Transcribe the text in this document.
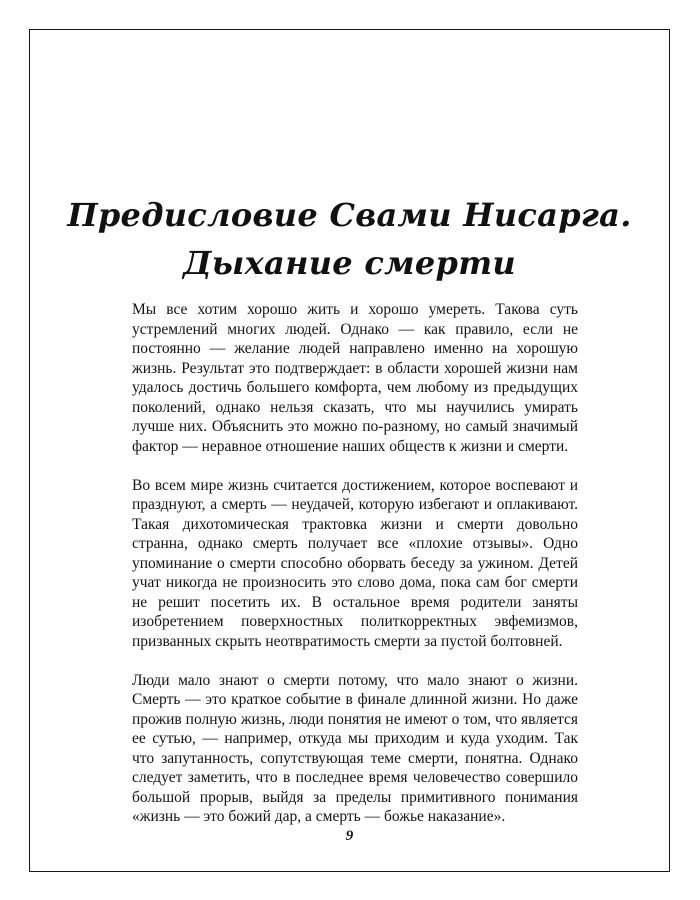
Предисловие Свами Нисарга.
Дыхание смерти

Мы все хотим хорошо жить и хорошо умереть. Такова суть устремлений многих людей. Однако — как правило, если не постоянно — желание людей направлено именно на хорошую жизнь. Результат это подтверждает: в области хорошей жизни нам удалось достичь большего комфорта, чем любому из предыдущих поколений, однако нельзя сказать, что мы научились умирать лучше них. Объяснить это можно по-разному, но самый значимый фактор — неравное отношение наших обществ к жизни и смерти.

Во всем мире жизнь считается достижением, которое воспевают и празднуют, а смерть — неудачей, которую избегают и оплакивают. Такая дихотомическая трактовка жизни и смерти довольно странна, однако смерть получает все «плохие отзывы». Одно упоминание о смерти способно оборвать беседу за ужином. Детей учат никогда не произносить это слово дома, пока сам бог смерти не решит посетить их. В остальное время родители заняты изобретением поверхностных политкорректных эвфемизмов, призванных скрыть неотвратимость смерти за пустой болтовней.

Люди мало знают о смерти потому, что мало знают о жизни. Смерть — это краткое событие в финале длинной жизни. Но даже прожив полную жизнь, люди понятия не имеют о том, что является ее сутью, — например, откуда мы приходим и куда уходим. Так что запутанность, сопутствующая теме смерти, понятна. Однако следует заметить, что в последнее время человечество совершило большой прорыв, выйдя за пределы примитивного понимания «жизнь — это божий дар, а смерть — божье наказание».

9
